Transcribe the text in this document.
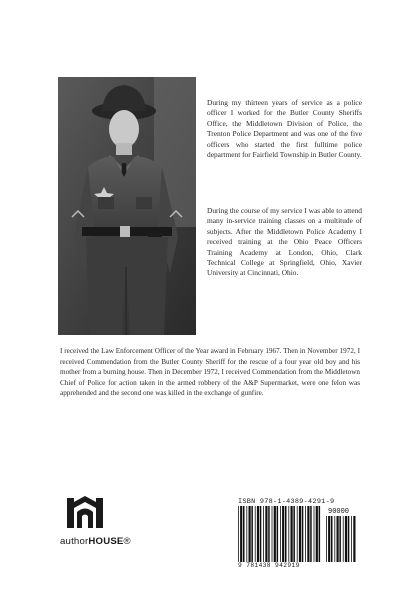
During my thirteen years of service as a police officer I worked for the Butler County Sheriffs Office, the Middletown Division of Police, the Trenton Police Department and was one of the five officers who started the first fulltime police department for Fairfield Township in Butler County.

During the course of my service I was able to attend many in-service training classes on a multitude of subjects. After the Middletown Police Academy I received training at the Ohio Peace Officers Training Academy at London, Ohio, Clark Technical College at Springfield, Ohio, Xavier University at Cincinnati, Ohio.

I received the Law Enforcement Officer of the Year award in February 1967. Then in November 1972, I received Commendation from the Butler County Sheriff for the rescue of a four year old boy and his mother from a burning house. Then in December 1972, I received Commendation from the Middletown Chief of Police for action taken in the armed robbery of the A&P Supermarket, were one felon was apprehended and the second one was killed in the exchange of gunfire.

authorHOUSE®
ISBN 978-1-4389-4291-9
90000
9 781438 942919
